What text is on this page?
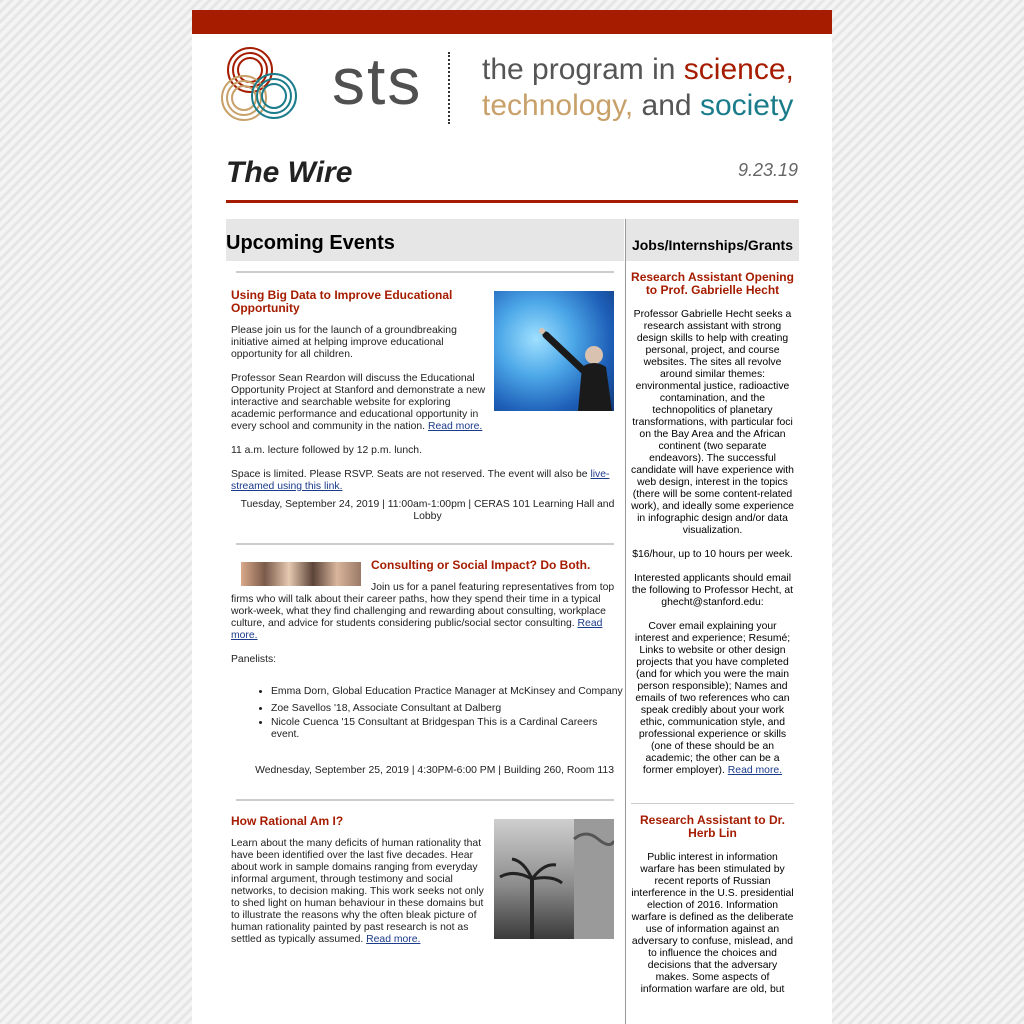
sts the program in science,
technology, and society
The Wire	9.23.19
Upcoming Events
Using Big Data to Improve Educational Opportunity

Please join us for the launch of a groundbreaking initiative aimed at helping improve educational opportunity for all children.

Professor Sean Reardon will discuss the Educational Opportunity Project at Stanford and demonstrate a new interactive and searchable website for exploring academic performance and educational opportunity in every school and community in the nation. Read more.

11 a.m. lecture followed by 12 p.m. lunch.

Space is limited. Please RSVP. Seats are not reserved. The event will also be live-streamed using this link.

Tuesday, September 24, 2019 | 11:00am-1:00pm | CERAS 101 Learning Hall and Lobby

Consulting or Social Impact? Do Both.

Join us for a panel featuring representatives from top firms who will talk about their career paths, how they spend their time in a typical work-week, what they find challenging and rewarding about consulting, workplace culture, and advice for students considering public/social sector consulting. Read more.

Panelists:

• Emma Dorn, Global Education Practice Manager at McKinsey and Company
• Zoe Savellos '18, Associate Consultant at Dalberg
• Nicole Cuenca '15 Consultant at Bridgespan This is a Cardinal Careers event.

Wednesday, September 25, 2019 | 4:30PM-6:00 PM | Building 260, Room 113

How Rational Am I?

Learn about the many deficits of human rationality that have been identified over the last five decades. Hear about work in sample domains ranging from everyday informal argument, through testimony and social networks, to decision making. This work seeks not only to shed light on human behaviour in these domains but to illustrate the reasons why the often bleak picture of human rationality painted by past research is not as settled as typically assumed. Read more.

Jobs/Internships/Grants
Research Assistant Opening to Prof. Gabrielle Hecht

Professor Gabrielle Hecht seeks a research assistant with strong design skills to help with creating personal, project, and course websites. The sites all revolve around similar themes: environmental justice, radioactive contamination, and the technopolitics of planetary transformations, with particular foci on the Bay Area and the African continent (two separate endeavors). The successful candidate will have experience with web design, interest in the topics (there will be some content-related work), and ideally some experience in infographic design and/or data visualization.

$16/hour, up to 10 hours per week.

Interested applicants should email the following to Professor Hecht, at ghecht@stanford.edu:

Cover email explaining your interest and experience; Resumé; Links to website or other design projects that you have completed (and for which you were the main person responsible); Names and emails of two references who can speak credibly about your work ethic, communication style, and professional experience or skills (one of these should be an academic; the other can be a former employer). Read more.

Research Assistant to Dr. Herb Lin

Public interest in information warfare has been stimulated by recent reports of Russian interference in the U.S. presidential election of 2016. Information warfare is defined as the deliberate use of information against an adversary to confuse, mislead, and to influence the choices and decisions that the adversary makes. Some aspects of information warfare are old, but
